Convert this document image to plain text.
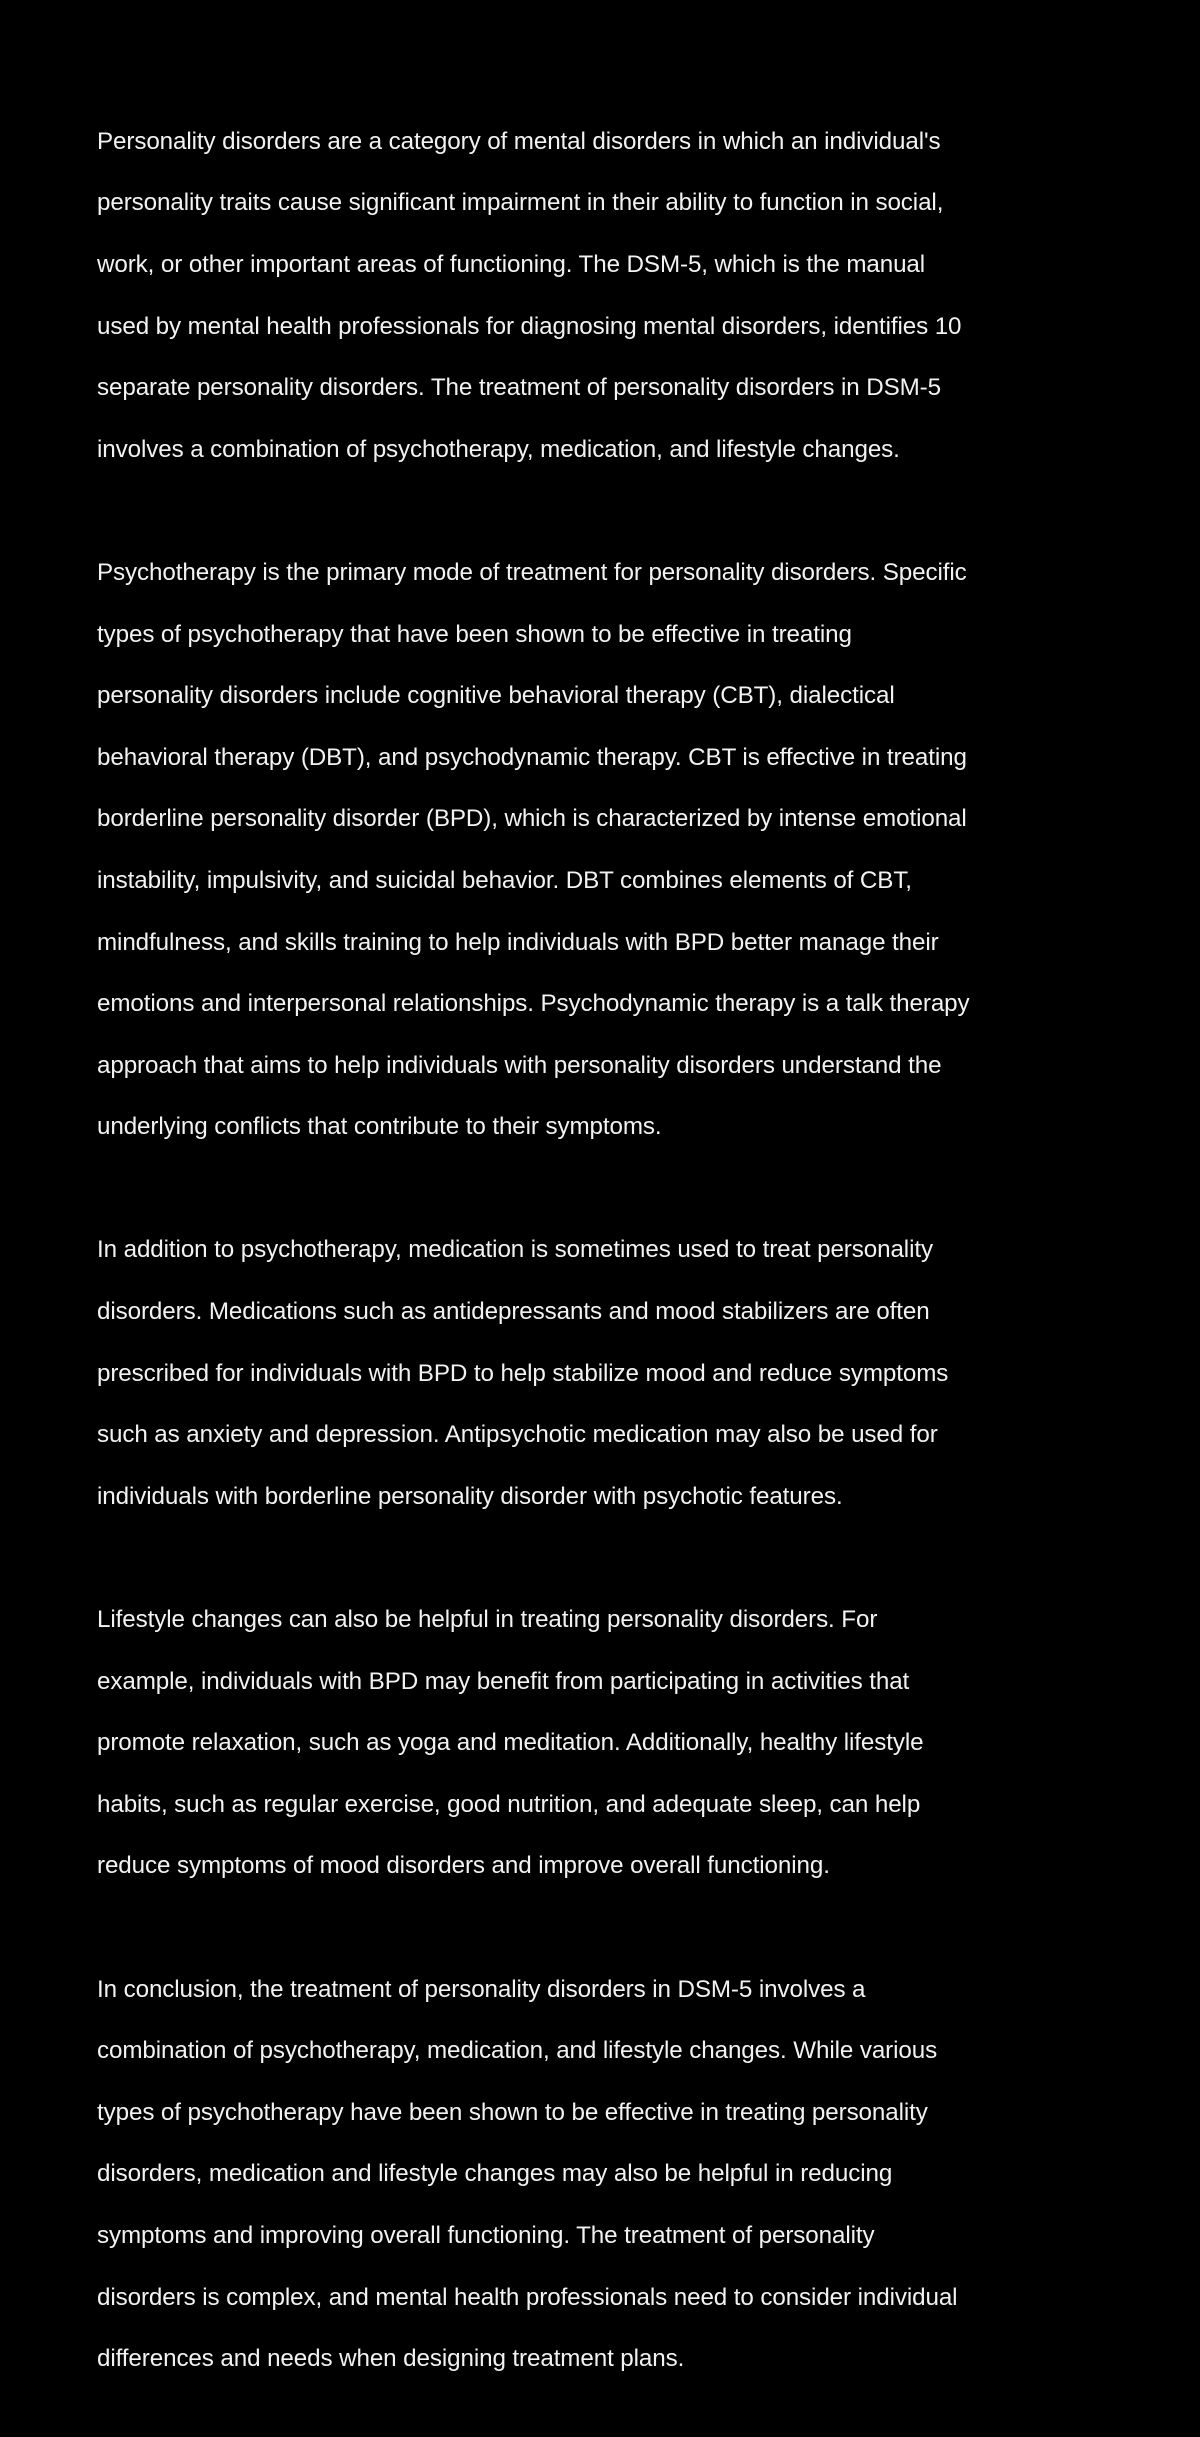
Personality disorders are a category of mental disorders in which an individual's

personality traits cause significant impairment in their ability to function in social,

work, or other important areas of functioning. The DSM-5, which is the manual

used by mental health professionals for diagnosing mental disorders, identifies 10

separate personality disorders. The treatment of personality disorders in DSM-5

involves a combination of psychotherapy, medication, and lifestyle changes.

Psychotherapy is the primary mode of treatment for personality disorders. Specific

types of psychotherapy that have been shown to be effective in treating

personality disorders include cognitive behavioral therapy (CBT), dialectical

behavioral therapy (DBT), and psychodynamic therapy. CBT is effective in treating

borderline personality disorder (BPD), which is characterized by intense emotional

instability, impulsivity, and suicidal behavior. DBT combines elements of CBT,

mindfulness, and skills training to help individuals with BPD better manage their

emotions and interpersonal relationships. Psychodynamic therapy is a talk therapy

approach that aims to help individuals with personality disorders understand the

underlying conflicts that contribute to their symptoms.

In addition to psychotherapy, medication is sometimes used to treat personality

disorders. Medications such as antidepressants and mood stabilizers are often

prescribed for individuals with BPD to help stabilize mood and reduce symptoms

such as anxiety and depression. Antipsychotic medication may also be used for

individuals with borderline personality disorder with psychotic features.

Lifestyle changes can also be helpful in treating personality disorders. For

example, individuals with BPD may benefit from participating in activities that

promote relaxation, such as yoga and meditation. Additionally, healthy lifestyle

habits, such as regular exercise, good nutrition, and adequate sleep, can help

reduce symptoms of mood disorders and improve overall functioning.

In conclusion, the treatment of personality disorders in DSM-5 involves a

combination of psychotherapy, medication, and lifestyle changes. While various

types of psychotherapy have been shown to be effective in treating personality

disorders, medication and lifestyle changes may also be helpful in reducing

symptoms and improving overall functioning. The treatment of personality

disorders is complex, and mental health professionals need to consider individual

differences and needs when designing treatment plans.
